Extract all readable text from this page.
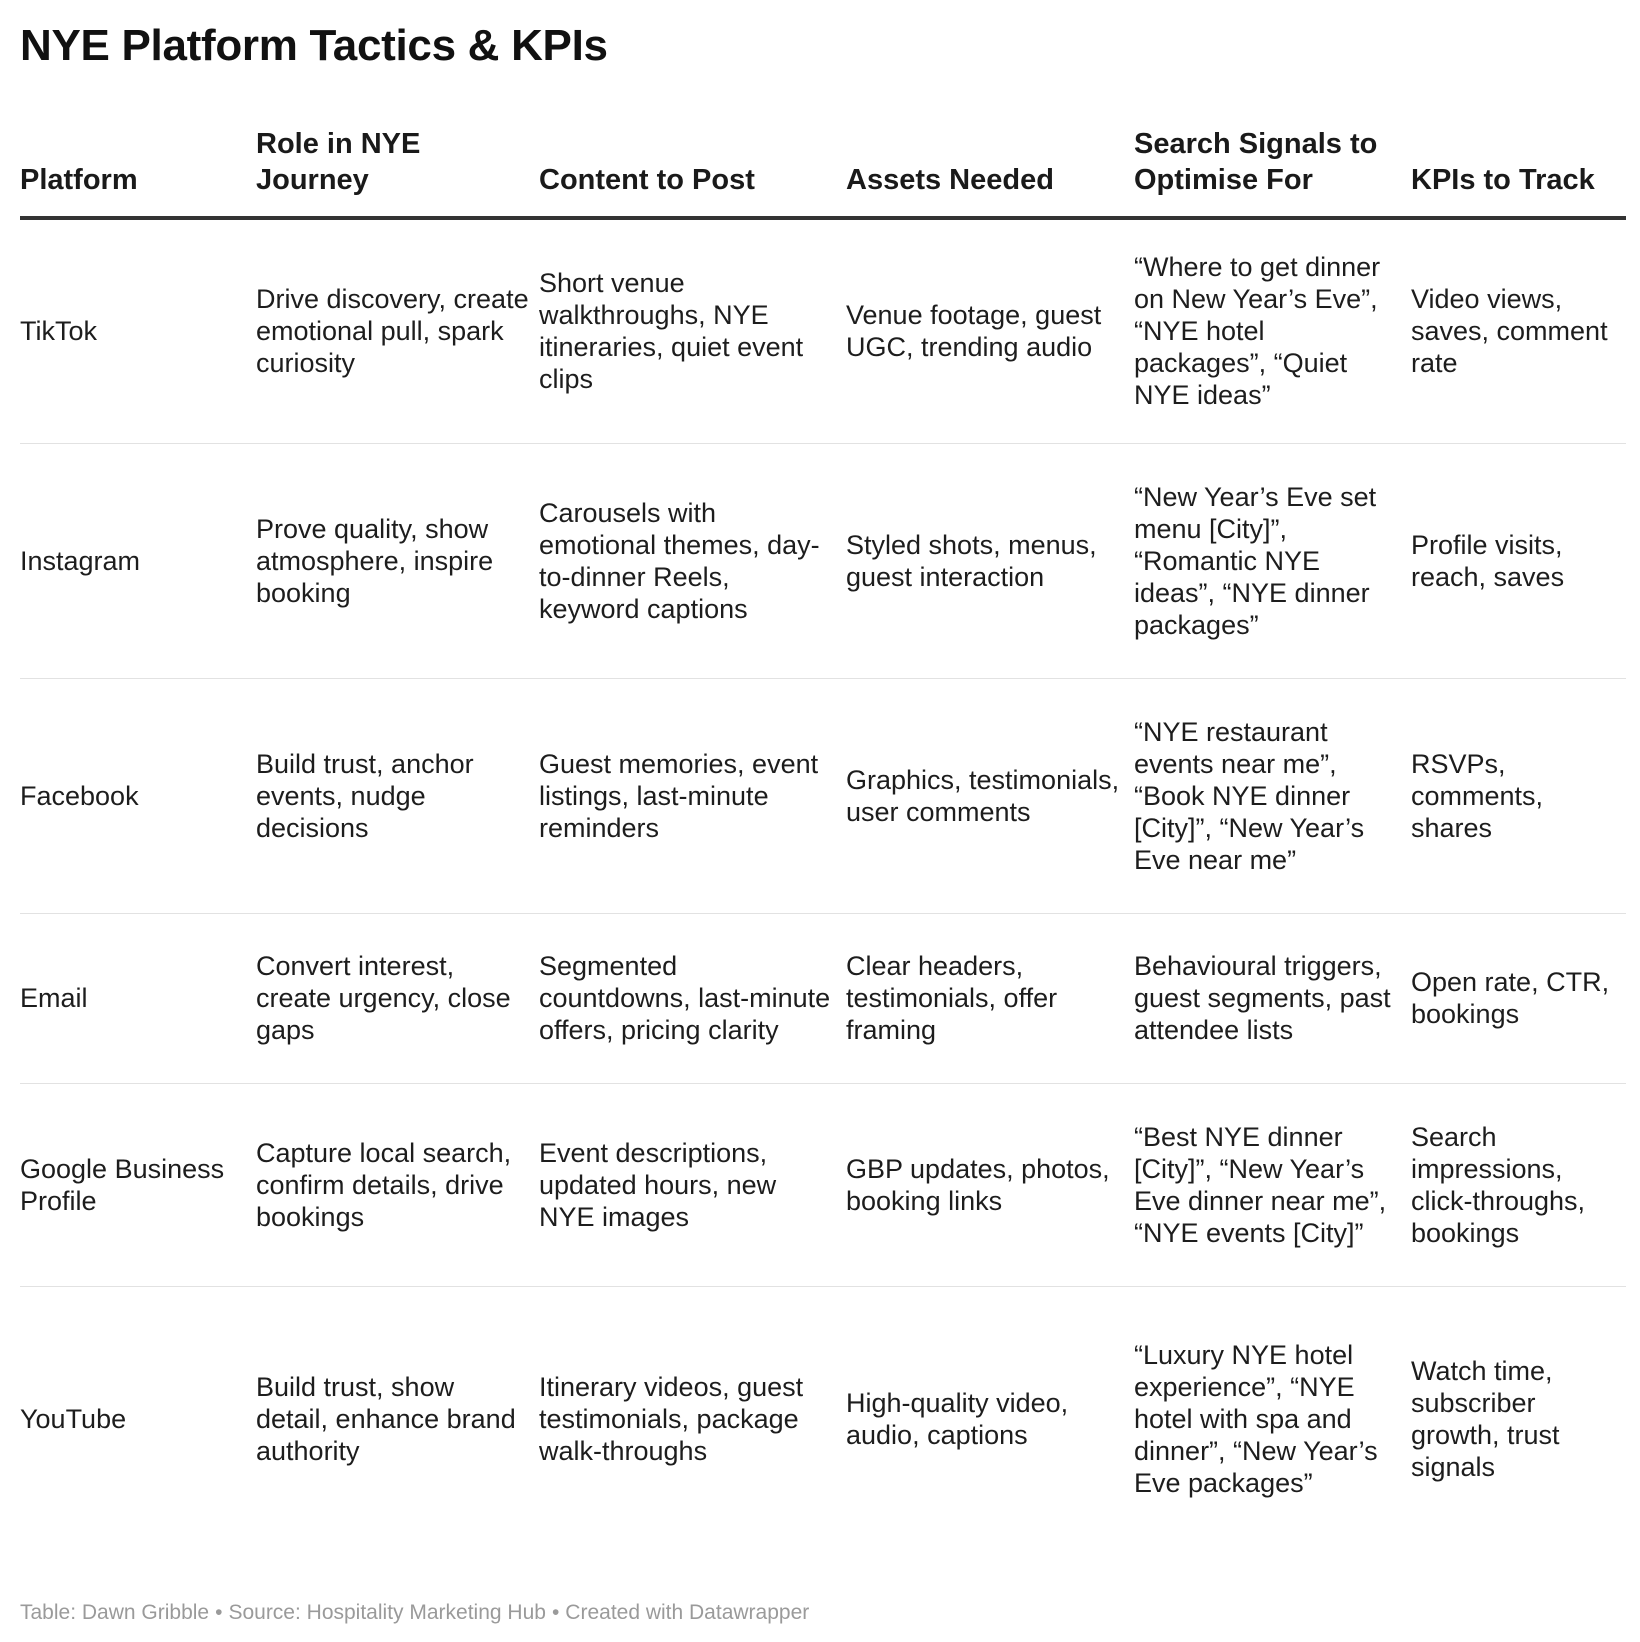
NYE Platform Tactics & KPIs
Platform	Role in NYE Journey	Content to Post	Assets Needed	Search Signals to Optimise For	KPIs to Track
TikTok	Drive discovery, create emotional pull, spark curiosity	Short venue walkthroughs, NYE itineraries, quiet event clips	Venue footage, guest UGC, trending audio	“Where to get dinner on New Year’s Eve”, “NYE hotel packages”, “Quiet NYE ideas”	Video views, saves, comment rate
Instagram	Prove quality, show atmosphere, inspire booking	Carousels with emotional themes, day-to-dinner Reels, keyword captions	Styled shots, menus, guest interaction	“New Year’s Eve set menu [City]”, “Romantic NYE ideas”, “NYE dinner packages”	Profile visits, reach, saves
Facebook	Build trust, anchor events, nudge decisions	Guest memories, event listings, last-minute reminders	Graphics, testimonials, user comments	“NYE restaurant events near me”, “Book NYE dinner [City]”, “New Year’s Eve near me”	RSVPs, comments, shares
Email	Convert interest, create urgency, close gaps	Segmented countdowns, last-minute offers, pricing clarity	Clear headers, testimonials, offer framing	Behavioural triggers, guest segments, past attendee lists	Open rate, CTR, bookings
Google Business Profile	Capture local search, confirm details, drive bookings	Event descriptions, updated hours, new NYE images	GBP updates, photos, booking links	“Best NYE dinner [City]”, “New Year’s Eve dinner near me”, “NYE events [City]”	Search impressions, click-throughs, bookings
YouTube	Build trust, show detail, enhance brand authority	Itinerary videos, guest testimonials, package walk-throughs	High-quality video, audio, captions	“Luxury NYE hotel experience”, “NYE hotel with spa and dinner”, “New Year’s Eve packages”	Watch time, subscriber growth, trust signals
Table: Dawn Gribble • Source: Hospitality Marketing Hub • Created with Datawrapper
